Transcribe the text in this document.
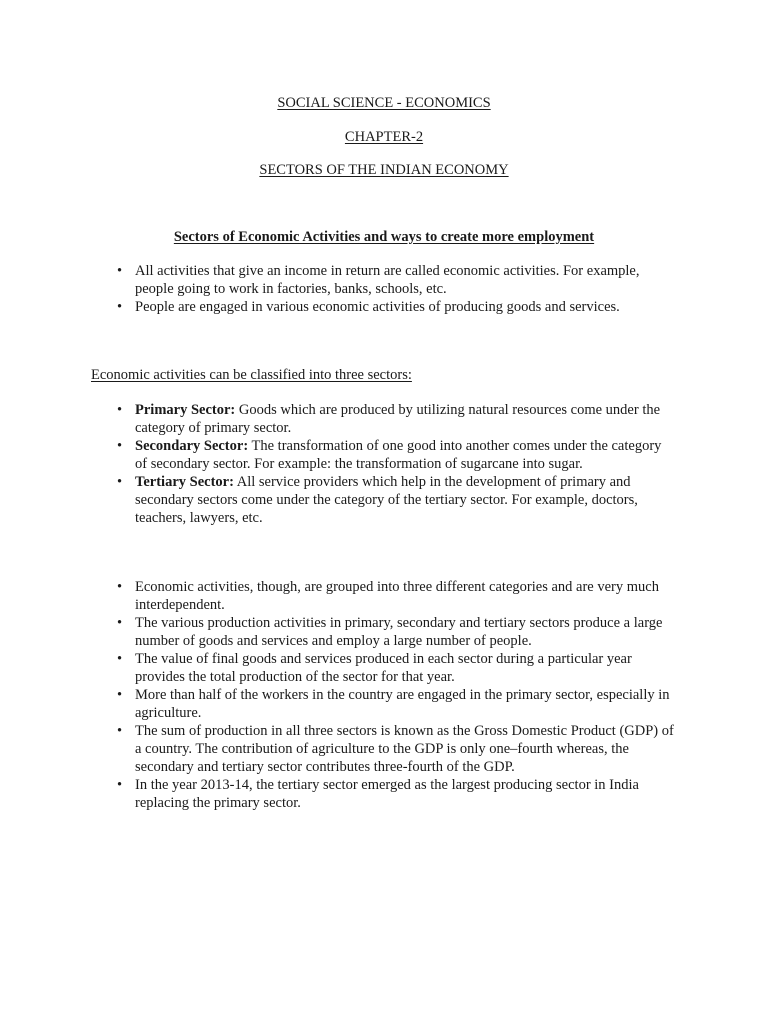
SOCIAL SCIENCE - ECONOMICS
CHAPTER-2
SECTORS OF THE INDIAN ECONOMY
Sectors of Economic Activities and ways to create more employment
• All activities that give an income in return are called economic activities. For example, people going to work in factories, banks, schools, etc.
• People are engaged in various economic activities of producing goods and services.
Economic activities can be classified into three sectors:
• Primary Sector: Goods which are produced by utilizing natural resources come under the category of primary sector.
• Secondary Sector: The transformation of one good into another comes under the category of secondary sector. For example: the transformation of sugarcane into sugar.
• Tertiary Sector: All service providers which help in the development of primary and secondary sectors come under the category of the tertiary sector. For example, doctors, teachers, lawyers, etc.
• Economic activities, though, are grouped into three different categories and are very much interdependent.
• The various production activities in primary, secondary and tertiary sectors produce a large number of goods and services and employ a large number of people.
• The value of final goods and services produced in each sector during a particular year provides the total production of the sector for that year.
• More than half of the workers in the country are engaged in the primary sector, especially in agriculture.
• The sum of production in all three sectors is known as the Gross Domestic Product (GDP) of a country. The contribution of agriculture to the GDP is only one–fourth whereas, the secondary and tertiary sector contributes three-fourth of the GDP.
• In the year 2013-14, the tertiary sector emerged as the largest producing sector in India replacing the primary sector.
